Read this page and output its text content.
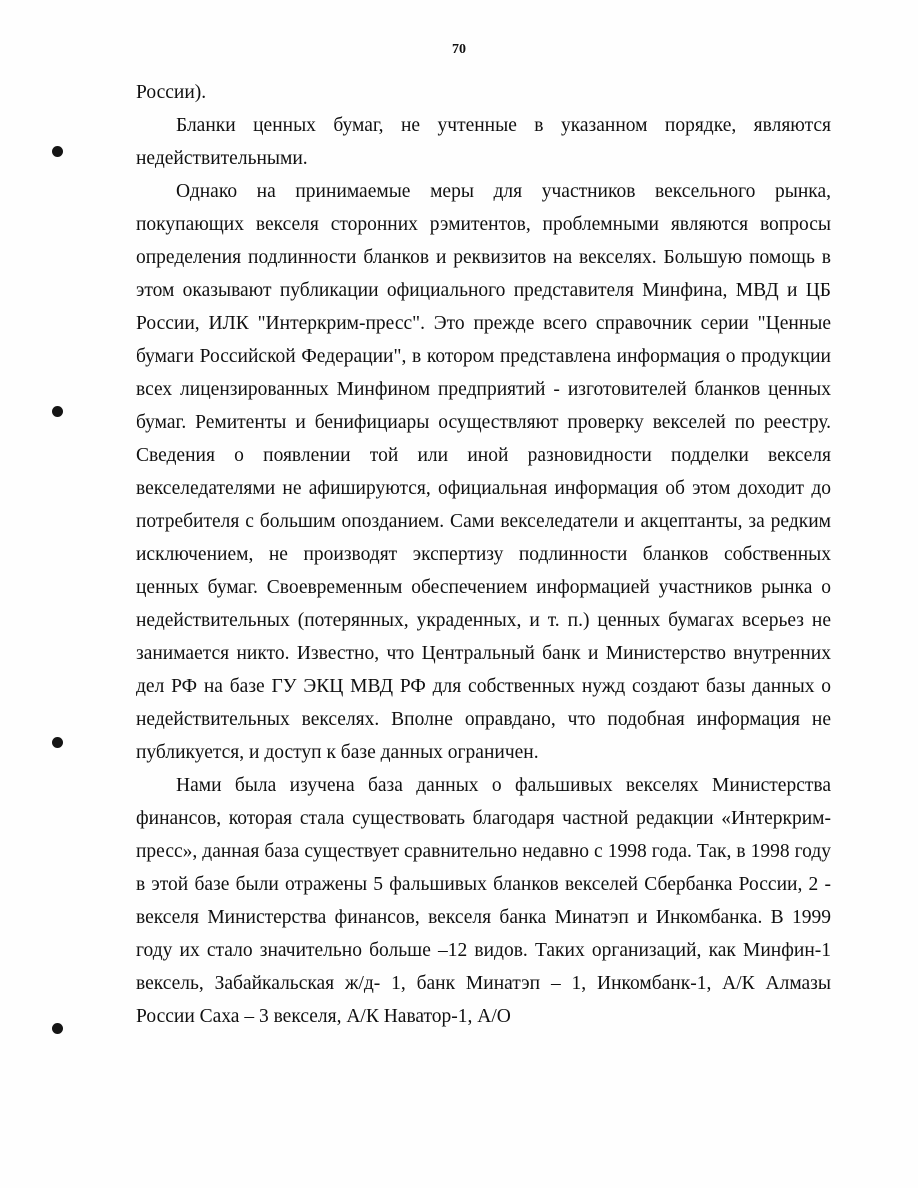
70

России).

Бланки ценных бумаг, не учтенные в указанном порядке, являются недействительными.

Однако на принимаемые меры для участников вексельного рынка, покупающих векселя сторонних рэмитентов, проблемными являются вопросы определения подлинности бланков и реквизитов на векселях. Большую помощь в этом оказывают публикации официального представителя Минфина, МВД и ЦБ России, ИЛК "Интеркрим-пресс". Это прежде всего справочник серии "Ценные бумаги Российской Федерации", в котором представлена информация о продукции всех лицензированных Минфином предприятий - изготовителей бланков ценных бумаг. Ремитенты и бенифициары осуществляют проверку векселей по реестру. Сведения о появлении той или иной разновидности подделки векселя векселедателями не афишируются, официальная информация об этом доходит до потребителя с большим опозданием. Сами векселедатели и акцептанты, за редким исключением, не производят экспертизу подлинности бланков собственных ценных бумаг. Своевременным обеспечением информацией участников рынка о недействительных (потерянных, украденных, и т. п.) ценных бумагах всерьез не занимается никто. Известно, что Центральный банк и Министерство внутренних дел РФ на базе ГУ ЭКЦ МВД РФ для собственных нужд создают базы данных о недействительных векселях. Вполне оправдано, что подобная информация не публикуется, и доступ к базе данных ограничен.

Нами была изучена база данных о фальшивых векселях Министерства финансов, которая стала существовать благодаря частной редакции «Интеркрим-пресс», данная база существует сравнительно недавно с 1998 года. Так, в 1998 году в этой базе были отражены 5 фальшивых бланков векселей Сбербанка России, 2 - векселя Министерства финансов, векселя банка Минатэп и Инкомбанка. В 1999 году их стало значительно больше –12 видов. Таких организаций, как Минфин-1 вексель, Забайкальская ж/д- 1, банк Минатэп – 1, Инкомбанк-1, А/К Алмазы России Саха – 3 векселя, А/К Наватор-1, А/О
